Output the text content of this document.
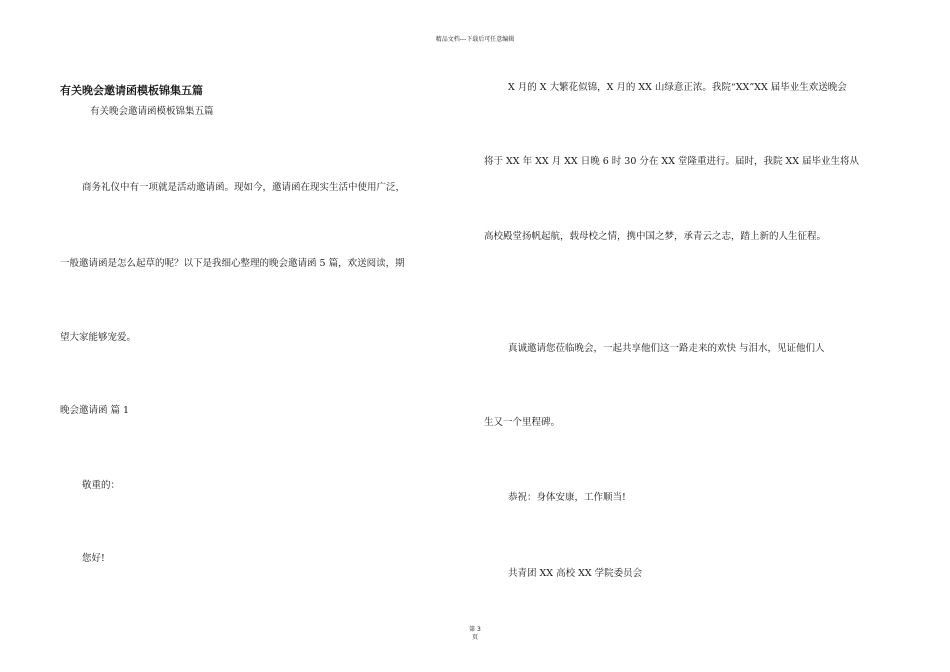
精品文档---下载后可任意编辑
有关晚会邀请函模板锦集五篇
有关晚会邀请函模板锦集五篇
商务礼仪中有一项就是活动邀请函。现如今，邀请函在现实生活中使用广泛，
一般邀请函是怎么起草的呢？以下是我细心整理的晚会邀请函 5 篇，欢送阅读，期
望大家能够宠爱。
晚会邀请函 篇 1
敬重的：
您好!
X 月的 X 大繁花似锦，X 月的 XX 山绿意正浓。我院“XX”XX 届毕业生欢送晚会
将于 XX 年 XX 月 XX 日晚 6 时 30 分在 XX 堂隆重进行。届时，我院 XX 届毕业生将从
高校殿堂扬帆起航，载母校之情，携中国之梦，承青云之志，踏上新的人生征程。
真诚邀请您莅临晚会，一起共享他们这一路走来的欢快 与泪水，见证他们人
生又一个里程碑。
恭祝：身体安康，工作顺当!
共青团 XX 高校 XX 学院委员会
第 3
页
